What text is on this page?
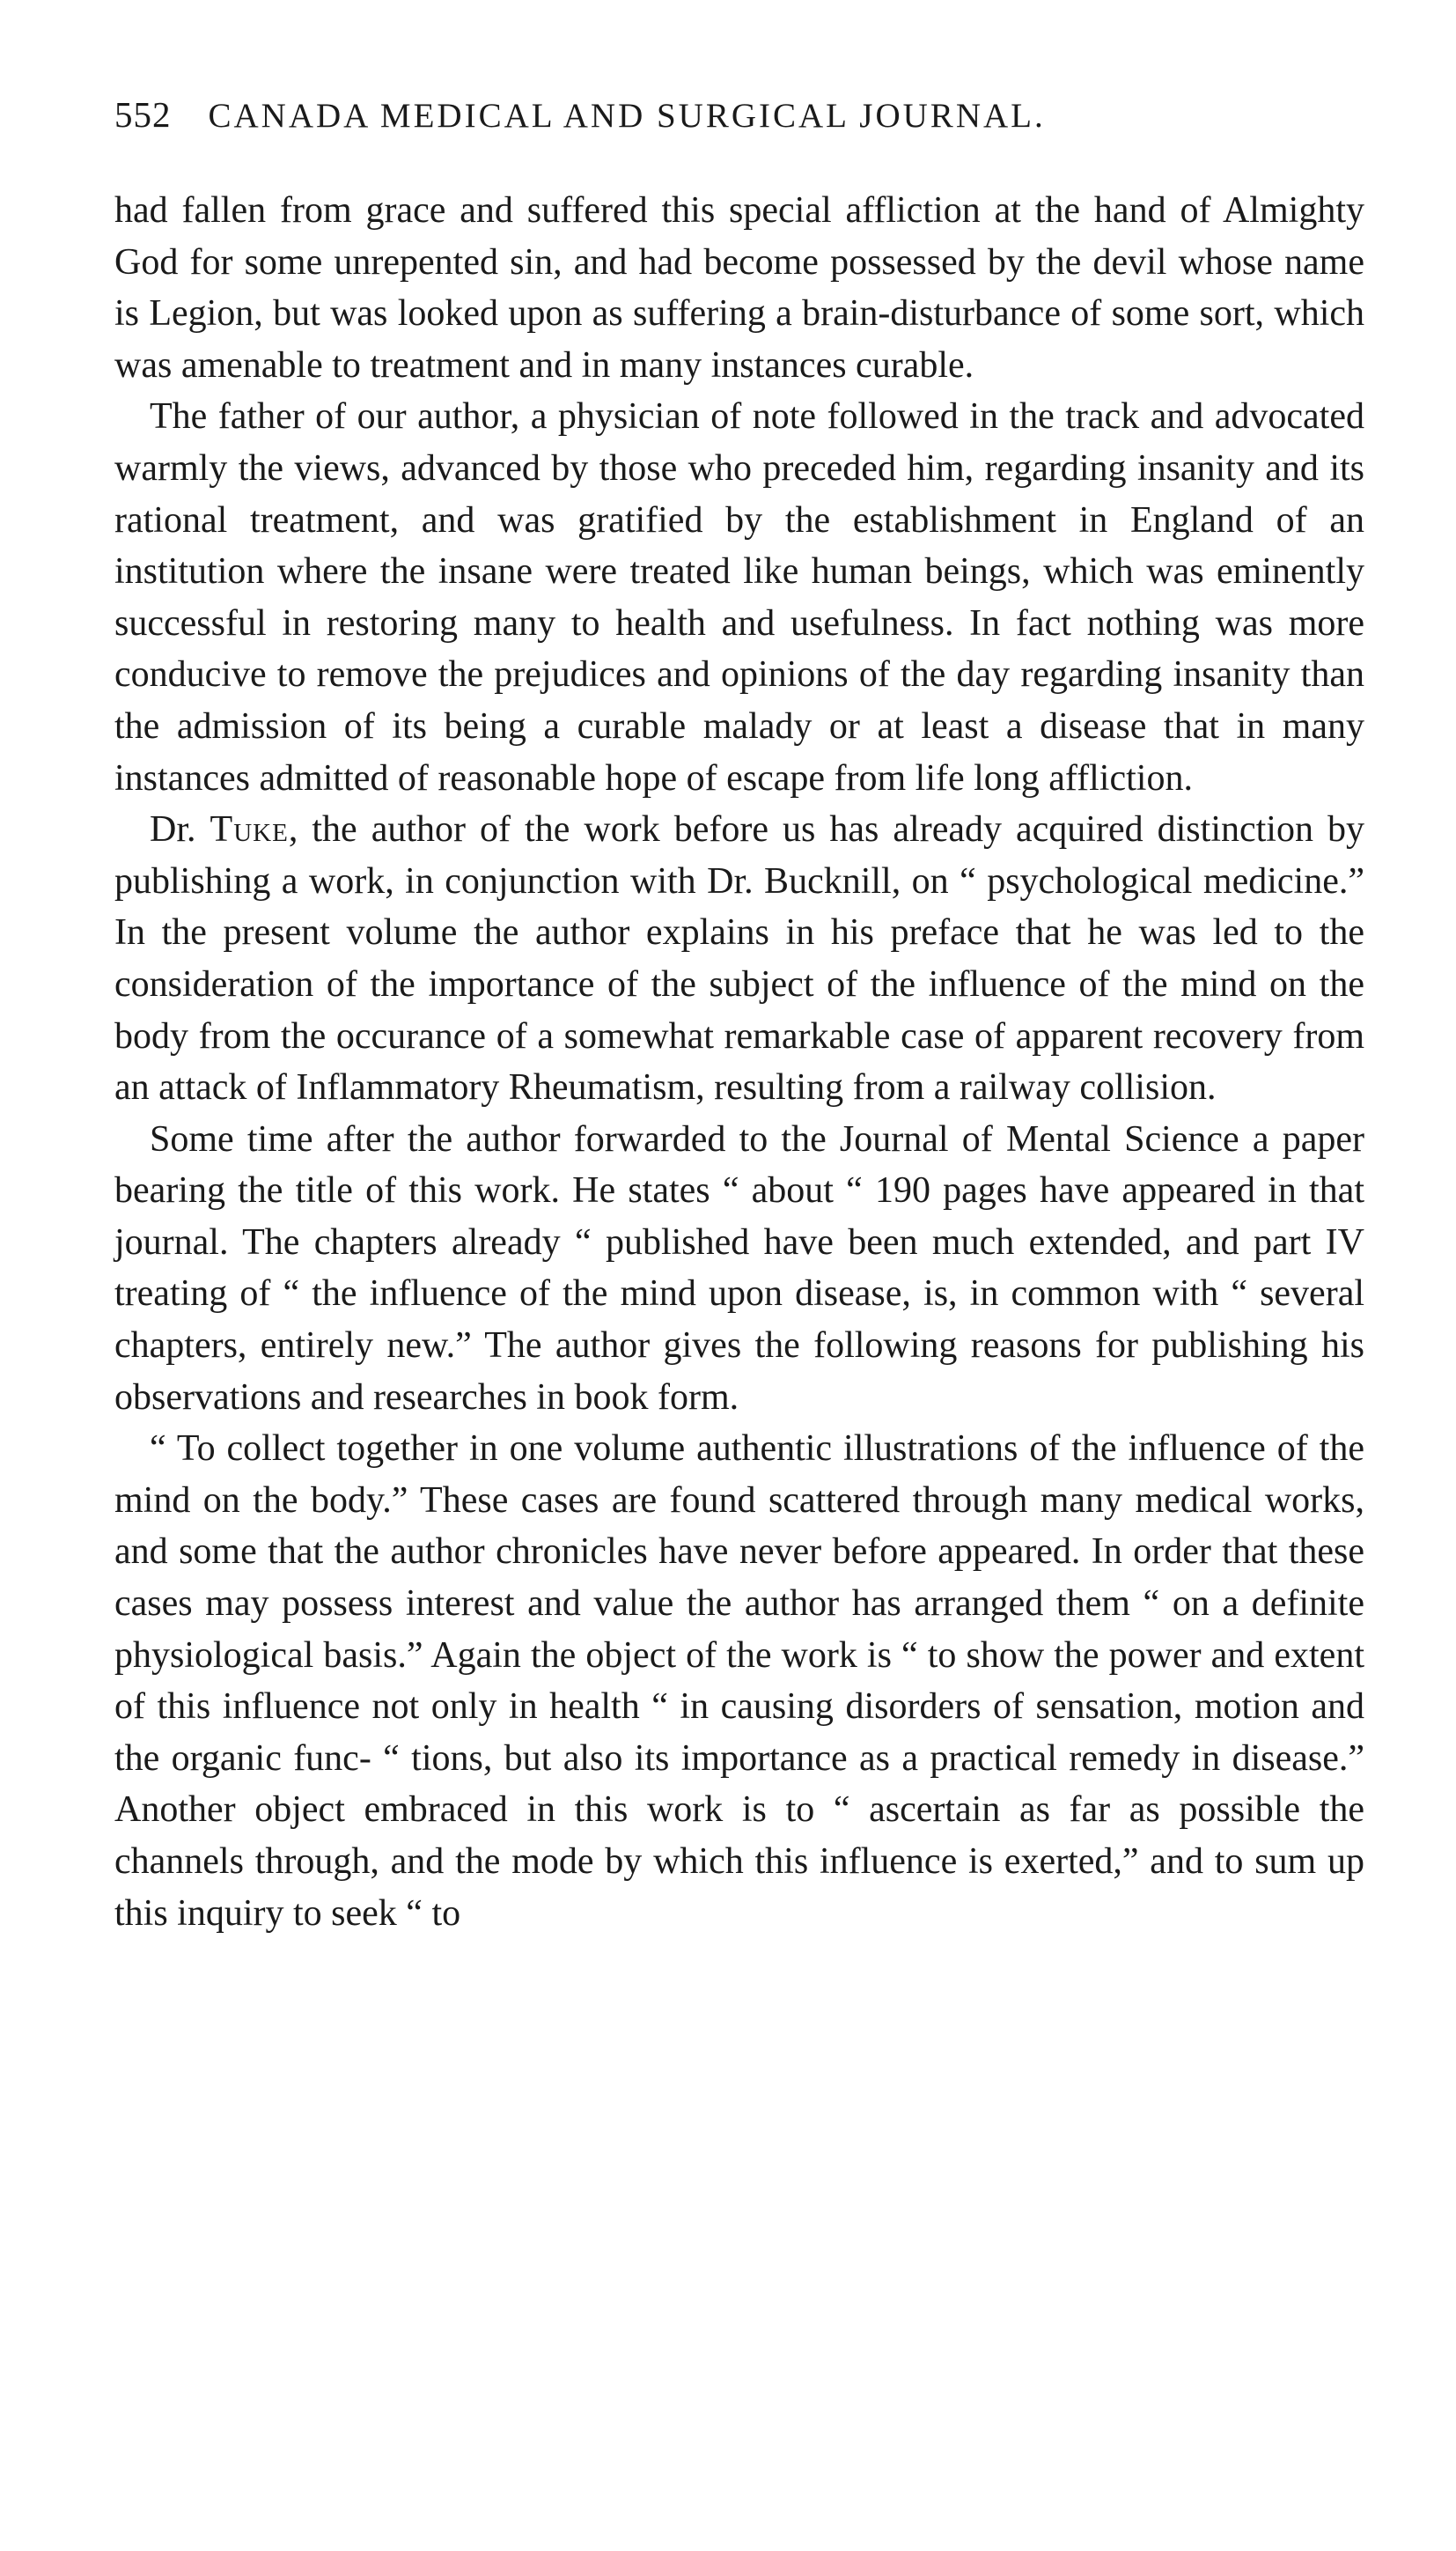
552 CANADA MEDICAL AND SURGICAL JOURNAL.

had fallen from grace and suffered this special affliction at the hand of Almighty God for some unrepented sin, and had become possessed by the devil whose name is Legion, but was looked upon as suffering a brain-disturbance of some sort, which was amenable to treatment and in many instances curable.

The father of our author, a physician of note followed in the track and advocated warmly the views, advanced by those who preceded him, regarding insanity and its rational treatment, and was gratified by the establishment in England of an institution where the insane were treated like human beings, which was eminently successful in restoring many to health and usefulness. In fact nothing was more conducive to remove the prejudices and opinions of the day regarding insanity than the admission of its being a curable malady or at least a disease that in many instances admitted of reasonable hope of escape from life long affliction.

Dr. Tuke, the author of the work before us has already acquired distinction by publishing a work, in conjunction with Dr. Bucknill, on “ psychological medicine.” In the present volume the author explains in his preface that he was led to the consideration of the importance of the subject of the influence of the mind on the body from the occurance of a somewhat remarkable case of apparent recovery from an attack of Inflammatory Rheumatism, resulting from a railway collision.

Some time after the author forwarded to the Journal of Mental Science a paper bearing the title of this work. He states “ about “ 190 pages have appeared in that journal. The chapters already “ published have been much extended, and part IV treating of “ the influence of the mind upon disease, is, in common with “ several chapters, entirely new.” The author gives the following reasons for publishing his observations and researches in book form.

“ To collect together in one volume authentic illustrations of the influence of the mind on the body.” These cases are found scattered through many medical works, and some that the author chronicles have never before appeared. In order that these cases may possess interest and value the author has arranged them “ on a definite physiological basis.” Again the object of the work is “ to show the power and extent of this influence not only in health “ in causing disorders of sensation, motion and the organic func- “ tions, but also its importance as a practical remedy in disease.” Another object embraced in this work is to “ ascertain as far as possible the channels through, and the mode by which this influence is exerted,” and to sum up this inquiry to seek “ to
